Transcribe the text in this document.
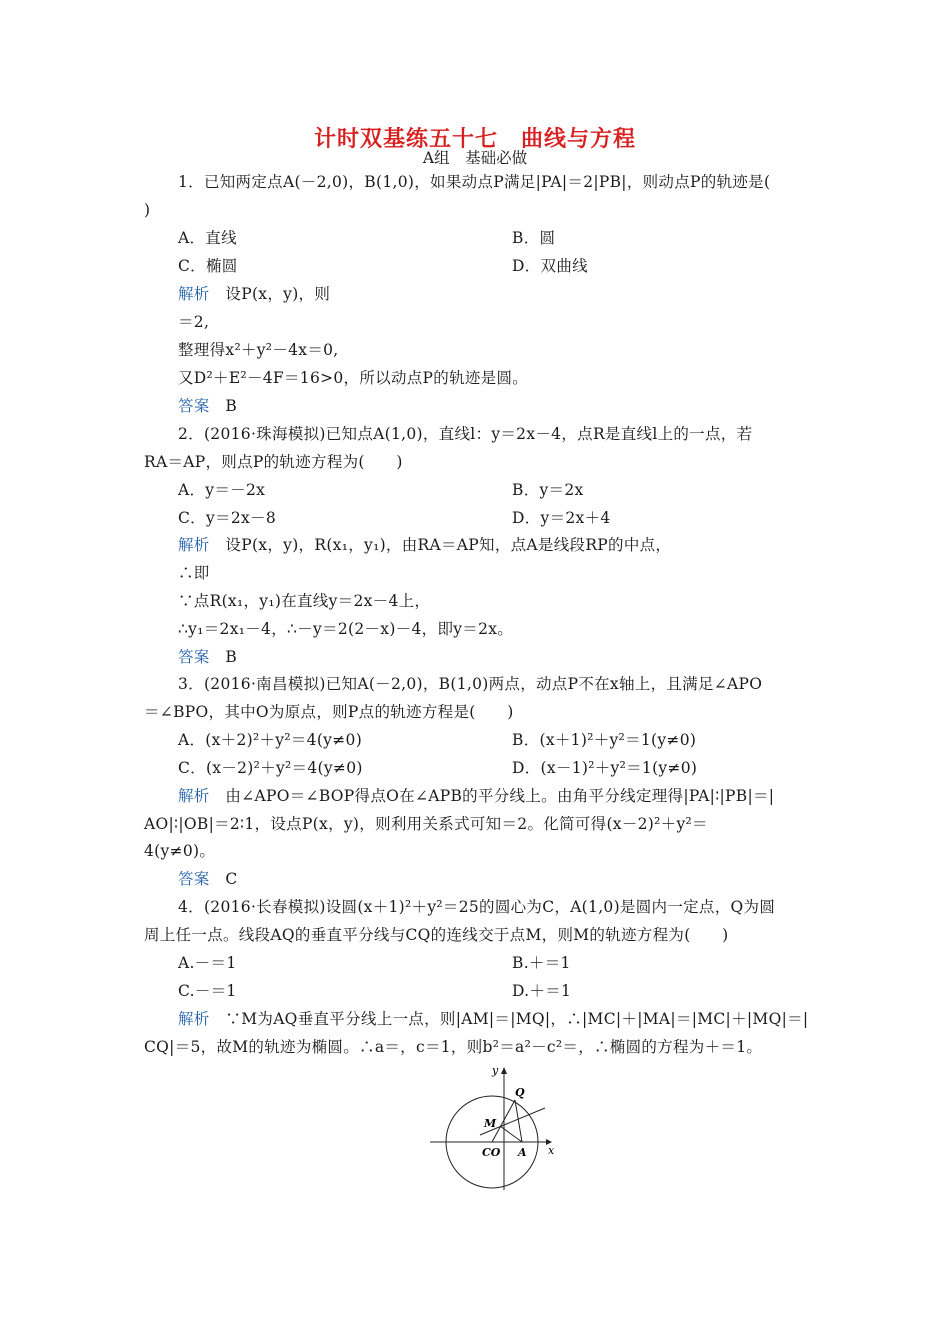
计时双基练五十七　曲线与方程
A组　基础必做
1．已知两定点A(－2,0)，B(1,0)，如果动点P满足|PA|＝2|PB|，则动点P的轨迹是(
)
A．直线	B．圆
C．椭圆	D．双曲线
解析　 设P(x，y)，则
＝2,
整理得x²＋y²－4x＝0,
又D²＋E²－4F＝16>0，所以动点P的轨迹是圆。
答案　 B
2．(2016·珠海模拟)已知点A(1,0)，直线l：y＝2x－4，点R是直线l上的一点，若
RA＝AP，则点P的轨迹方程为(　　)
A．y＝－2x	B．y＝2x
C．y＝2x－8	D．y＝2x＋4
解析　 设P(x，y)，R(x₁，y₁)，由RA＝AP知，点A是线段RP的中点，
∴即
∵点R(x₁，y₁)在直线y＝2x－4上，
∴y₁＝2x₁－4，∴－y＝2(2－x)－4，即y＝2x。
答案　 B
3．(2016·南昌模拟)已知A(－2,0)，B(1,0)两点，动点P不在x轴上，且满足∠APO
＝∠BPO，其中O为原点，则P点的轨迹方程是(　　)
A．(x＋2)²＋y²＝4(y≠0)	B．(x＋1)²＋y²＝1(y≠0)
C．(x－2)²＋y²＝4(y≠0)	D．(x－1)²＋y²＝1(y≠0)
解析　 由∠APO＝∠BOP得点O在∠APB的平分线上。由角平分线定理得|PA|∶|PB|＝|
AO|∶|OB|＝2∶1，设点P(x，y)，则利用关系式可知＝2。化简可得(x－2)²＋y²＝
4(y≠0)。
答案　 C
4．(2016·长春模拟)设圆(x＋1)²＋y²＝25的圆心为C，A(1,0)是圆内一定点，Q为圆
周上任一点。线段AQ的垂直平分线与CQ的连线交于点M，则M的轨迹方程为(　　)
A.－＝1	B.＋＝1
C.－＝1	D.＋＝1
解析　 ∵M为AQ垂直平分线上一点，则|AM|＝|MQ|，∴|MC|＋|MA|＝|MC|＋|MQ|＝|
CQ|＝5，故M的轨迹为椭圆。∴a＝，c＝1，则b²＝a²－c²＝，∴椭圆的方程为＋＝1。
y
x
Q
M
CO A
